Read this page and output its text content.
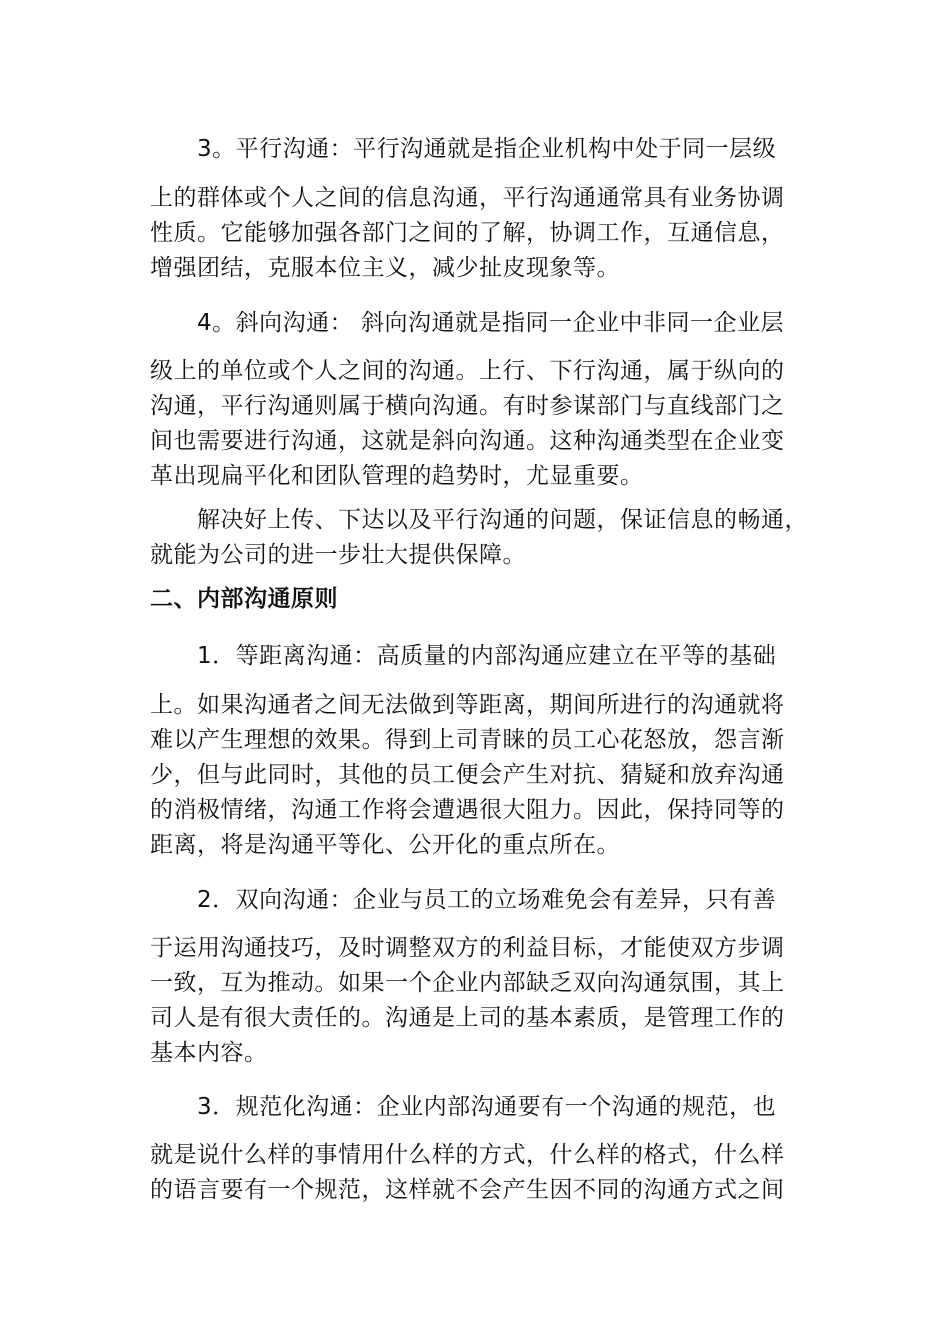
3。平行沟通：平行沟通就是指企业机构中处于同一层级
上的群体或个人之间的信息沟通，平行沟通通常具有业务协调
性质。它能够加强各部门之间的了解，协调工作，互通信息，
增强团结，克服本位主义，减少扯皮现象等。
4。斜向沟通： 斜向沟通就是指同一企业中非同一企业层
级上的单位或个人之间的沟通。上行、下行沟通，属于纵向的
沟通，平行沟通则属于横向沟通。有时参谋部门与直线部门之
间也需要进行沟通，这就是斜向沟通。这种沟通类型在企业变
革出现扁平化和团队管理的趋势时，尤显重要。
解决好上传、下达以及平行沟通的问题，保证信息的畅通，
就能为公司的进一步壮大提供保障。
二、内部沟通原则
1．等距离沟通：高质量的内部沟通应建立在平等的基础
上。如果沟通者之间无法做到等距离，期间所进行的沟通就将
难以产生理想的效果。得到上司青睐的员工心花怒放，怨言渐
少，但与此同时，其他的员工便会产生对抗、猜疑和放弃沟通
的消极情绪，沟通工作将会遭遇很大阻力。因此，保持同等的
距离，将是沟通平等化、公开化的重点所在。
2．双向沟通：企业与员工的立场难免会有差异，只有善
于运用沟通技巧，及时调整双方的利益目标，才能使双方步调
一致，互为推动。如果一个企业内部缺乏双向沟通氛围，其上
司人是有很大责任的。沟通是上司的基本素质，是管理工作的
基本内容。
3．规范化沟通：企业内部沟通要有一个沟通的规范，也
就是说什么样的事情用什么样的方式，什么样的格式，什么样
的语言要有一个规范，这样就不会产生因不同的沟通方式之间
